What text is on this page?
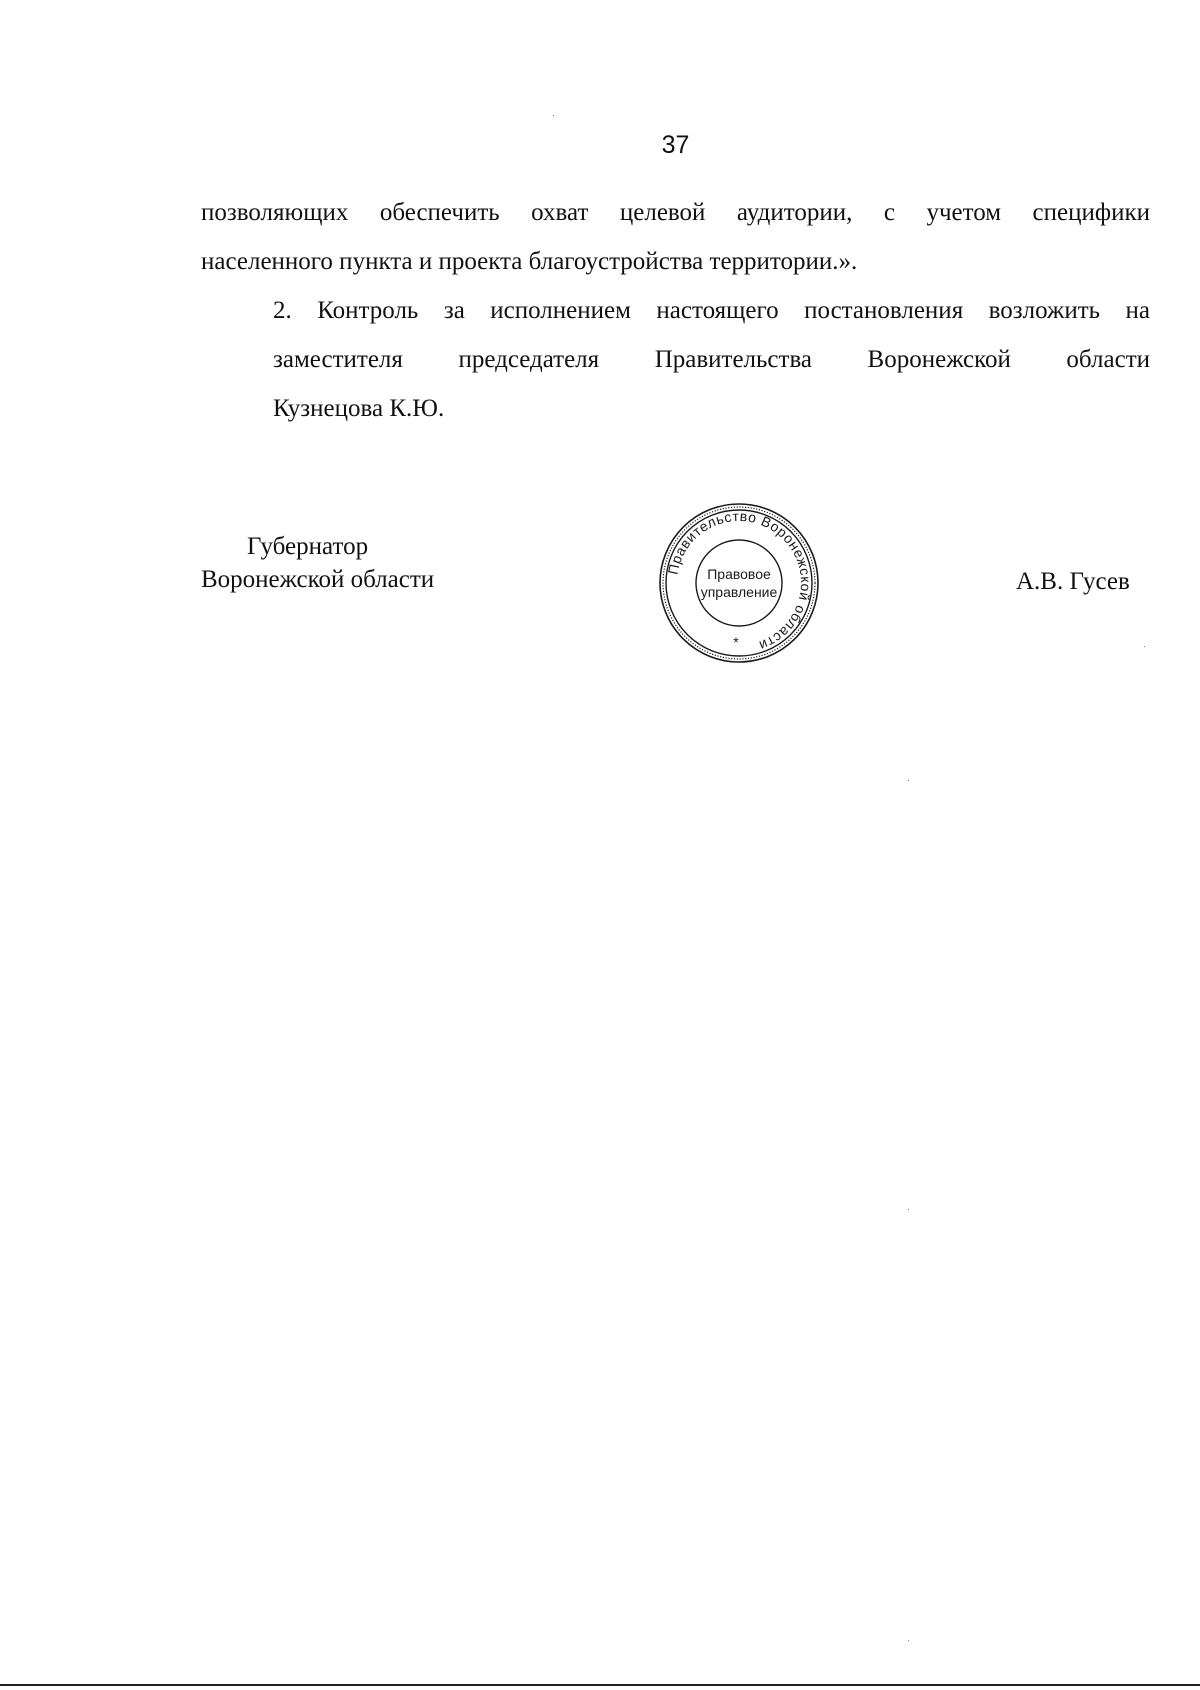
37
позволяющих обеспечить охват целевой аудитории, с учетом специфики
населенного пункта и проекта благоустройства территории.».
2. Контроль за исполнением настоящего постановления возложить на
заместителя председателя Правительства Воронежской области
Кузнецова К.Ю.
Губернатор
Воронежской области	А.В. Гусев
Правительство Воронежской области
Правовое
управление
*
